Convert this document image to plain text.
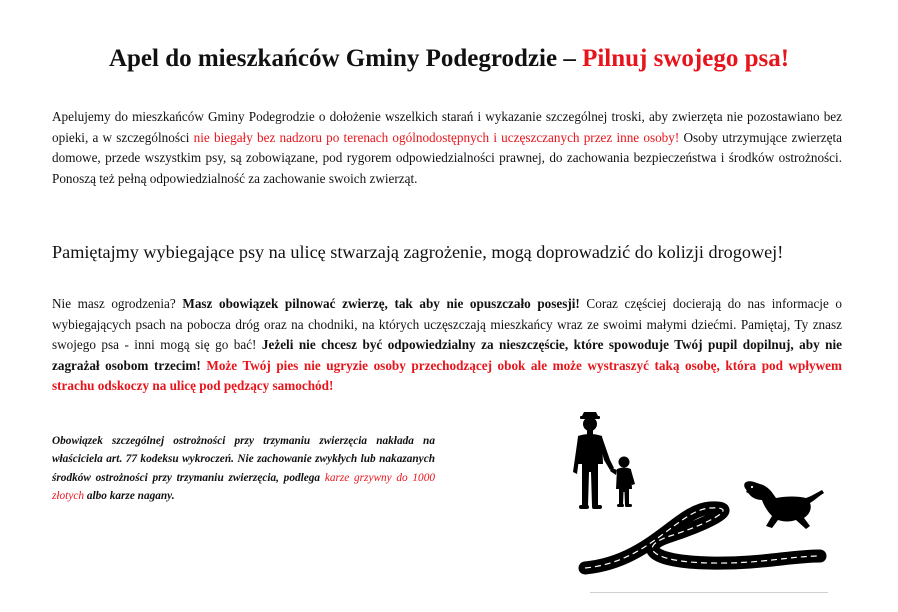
Apel do mieszkańców Gminy Podegrodzie – Pilnuj swojego psa!

Apelujemy do mieszkańców Gminy Podegrodzie o dołożenie wszelkich starań i wykazanie szczególnej troski, aby zwierzęta nie pozostawiano bez opieki, a w szczególności nie biegały bez nadzoru po terenach ogólnodostępnych i uczęszczanych przez inne osoby! Osoby utrzymujące zwierzęta domowe, przede wszystkim psy, są zobowiązane, pod rygorem odpowiedzialności prawnej, do zachowania bezpieczeństwa i środków ostrożności. Ponoszą też pełną odpowiedzialność za zachowanie swoich zwierząt.

Pamiętajmy wybiegające psy na ulicę stwarzają zagrożenie, mogą doprowadzić do kolizji drogowej!

Nie masz ogrodzenia? Masz obowiązek pilnować zwierzę, tak aby nie opuszczało posesji! Coraz częściej docierają do nas informacje o wybiegających psach na pobocza dróg oraz na chodniki, na których uczęszczają mieszkańcy wraz ze swoimi małymi dziećmi. Pamiętaj, Ty znasz swojego psa - inni mogą się go bać! Jeżeli nie chcesz być odpowiedzialny za nieszczęście, które spowoduje Twój pupil dopilnuj, aby nie zagrażał osobom trzecim! Może Twój pies nie ugryzie osoby przechodzącej obok ale może wystraszyć taką osobę, która pod wpływem strachu odskoczy na ulicę pod pędzący samochód!

Obowiązek szczególnej ostrożności przy trzymaniu zwierzęcia nakłada na właściciela art. 77 kodeksu wykroczeń. Nie zachowanie zwykłych lub nakazanych środków ostrożności przy trzymaniu zwierzęcia, podlega karze grzywny do 1000 złotych albo karze nagany.
